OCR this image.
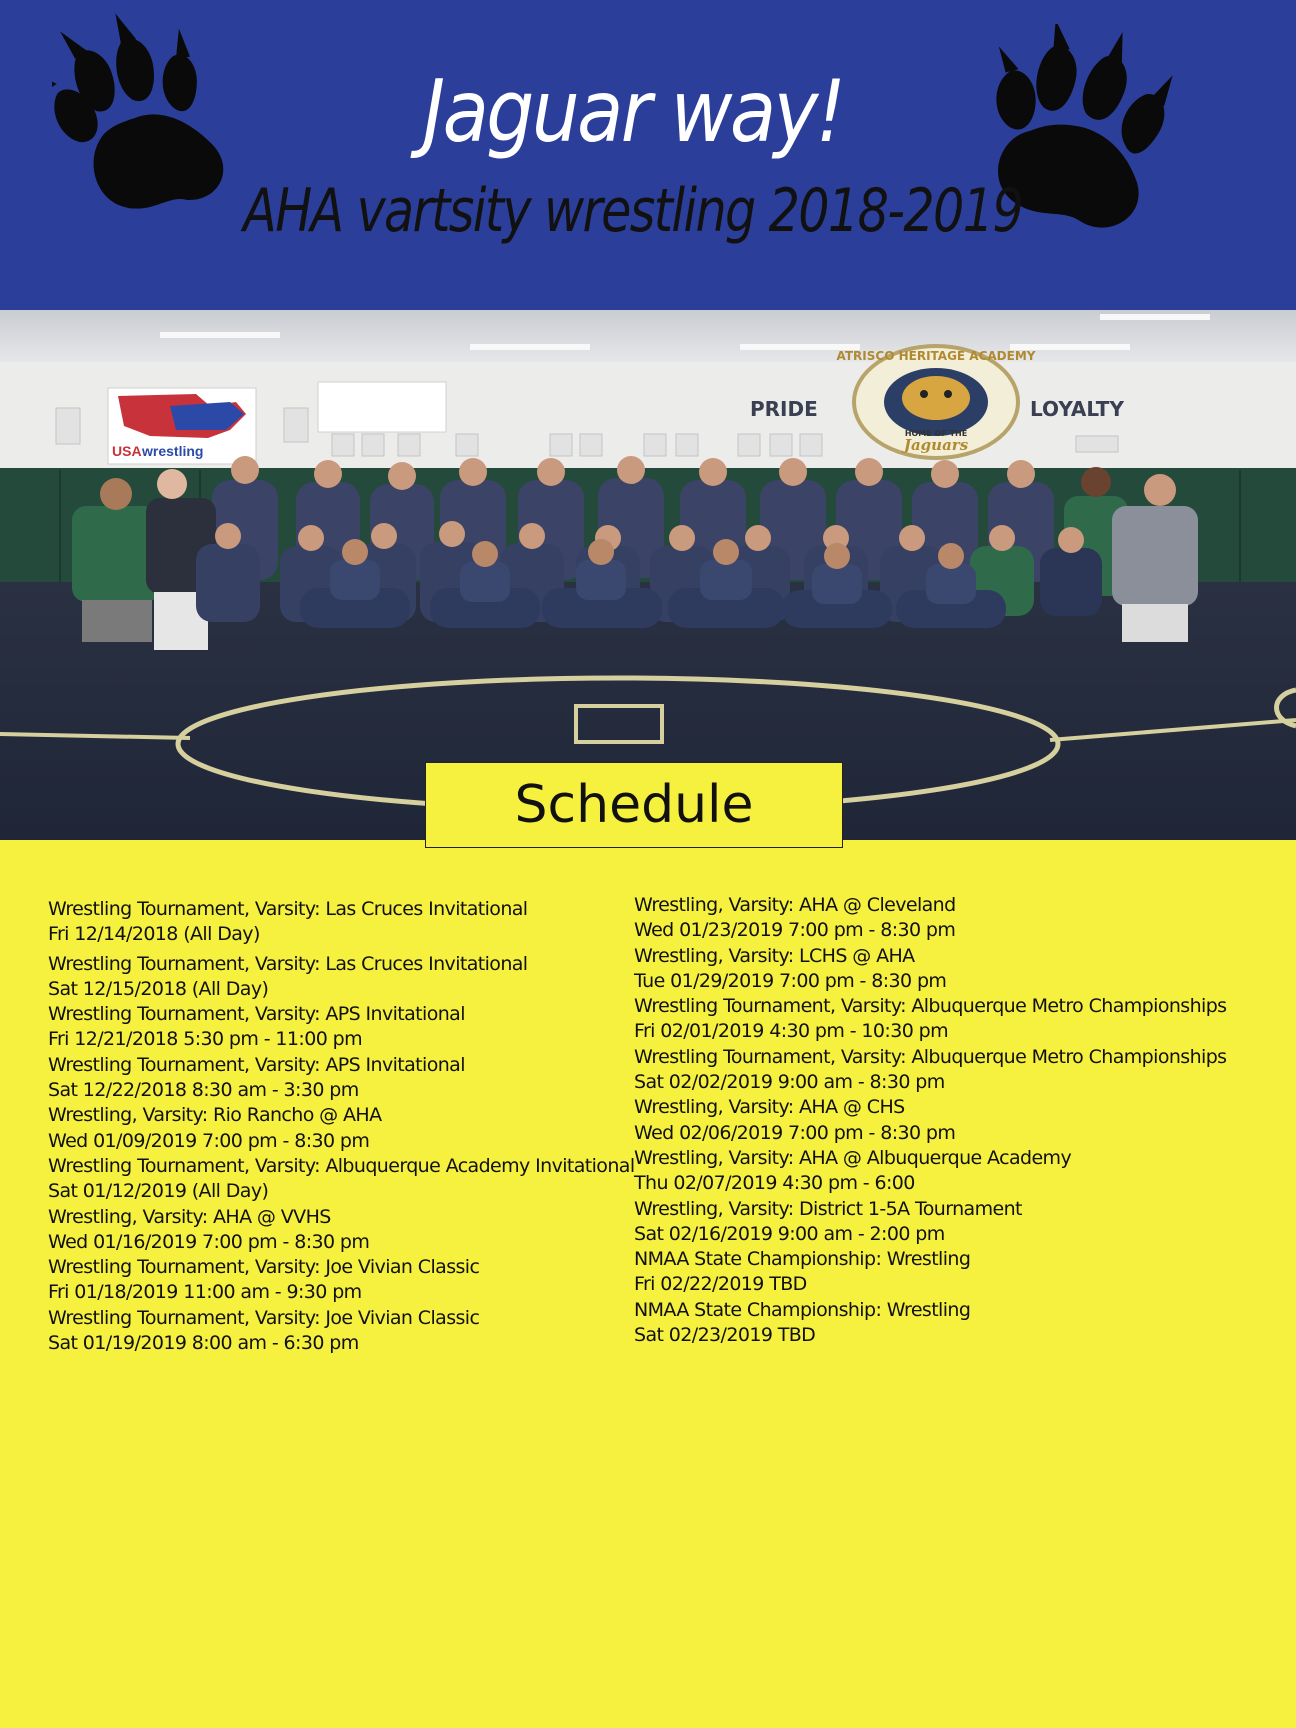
Jaguar way!
AHA vartsity wrestling 2018-2019
USA wrestling
PRIDE	LOYALTY
ATRISCO HERITAGE ACADEMY
HOME OF THE
Jaguars
Schedule
Wrestling Tournament, Varsity: Las Cruces Invitational
Fri 12/14/2018 (All Day)
Wrestling Tournament, Varsity: Las Cruces Invitational
Sat 12/15/2018 (All Day)
Wrestling Tournament, Varsity: APS Invitational
Fri 12/21/2018 5:30 pm - 11:00 pm
Wrestling Tournament, Varsity: APS Invitational
Sat 12/22/2018 8:30 am - 3:30 pm
Wrestling, Varsity: Rio Rancho @ AHA
Wed 01/09/2019 7:00 pm - 8:30 pm
Wrestling Tournament, Varsity: Albuquerque Academy Invitational
Sat 01/12/2019 (All Day)
Wrestling, Varsity: AHA @ VVHS
Wed 01/16/2019 7:00 pm - 8:30 pm
Wrestling Tournament, Varsity: Joe Vivian Classic
Fri 01/18/2019 11:00 am - 9:30 pm
Wrestling Tournament, Varsity: Joe Vivian Classic
Sat 01/19/2019 8:00 am - 6:30 pm
Wrestling, Varsity: AHA @ Cleveland
Wed 01/23/2019 7:00 pm - 8:30 pm
Wrestling, Varsity: LCHS @ AHA
Tue 01/29/2019 7:00 pm - 8:30 pm
Wrestling Tournament, Varsity: Albuquerque Metro Championships
Fri 02/01/2019 4:30 pm - 10:30 pm
Wrestling Tournament, Varsity: Albuquerque Metro Championships
Sat 02/02/2019 9:00 am - 8:30 pm
Wrestling, Varsity: AHA @ CHS
Wed 02/06/2019 7:00 pm - 8:30 pm
Wrestling, Varsity: AHA @ Albuquerque Academy
Thu 02/07/2019 4:30 pm - 6:00
Wrestling, Varsity: District 1-5A Tournament
Sat 02/16/2019 9:00 am - 2:00 pm
NMAA State Championship: Wrestling
Fri 02/22/2019 TBD
NMAA State Championship: Wrestling
Sat 02/23/2019 TBD
